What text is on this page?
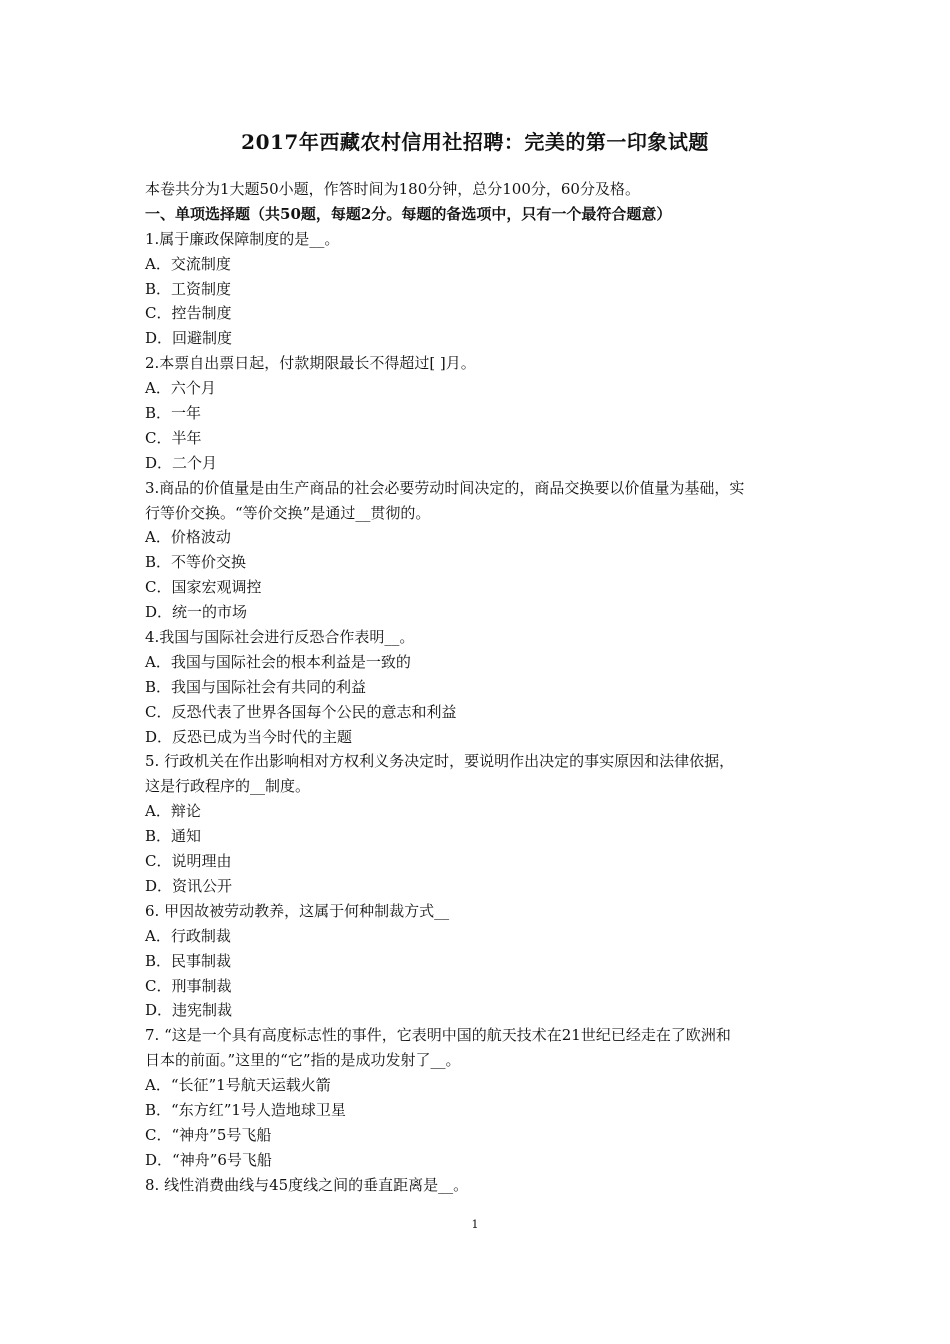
2017年西藏农村信用社招聘：完美的第一印象试题
本卷共分为1大题50小题，作答时间为180分钟，总分100分，60分及格。
一、单项选择题（共50题，每题2分。每题的备选项中，只有一个最符合题意）
1.属于廉政保障制度的是__。
A．交流制度
B．工资制度
C．控告制度
D．回避制度
2.本票自出票日起，付款期限最长不得超过[ ]月。
A．六个月
B．一年
C．半年
D．二个月
3.商品的价值量是由生产商品的社会必要劳动时间决定的，商品交换要以价值量为基础，实
行等价交换。“等价交换”是通过__贯彻的。
A．价格波动
B．不等价交换
C．国家宏观调控
D．统一的市场
4.我国与国际社会进行反恐合作表明__。
A．我国与国际社会的根本利益是一致的
B．我国与国际社会有共同的利益
C．反恐代表了世界各国每个公民的意志和利益
D．反恐已成为当今时代的主题
5. 行政机关在作出影响相对方权利义务决定时，要说明作出决定的事实原因和法律依据，
这是行政程序的__制度。
A．辩论
B．通知
C．说明理由
D．资讯公开
6. 甲因故被劳动教养，这属于何种制裁方式__
A．行政制裁
B．民事制裁
C．刑事制裁
D．违宪制裁
7. “这是一个具有高度标志性的事件，它表明中国的航天技术在21世纪已经走在了欧洲和
日本的前面。”这里的“它”指的是成功发射了__。
A．“长征”1号航天运载火箭
B．“东方红”1号人造地球卫星
C．“神舟”5号飞船
D．“神舟”6号飞船
8. 线性消费曲线与45度线之间的垂直距离是__。
1
